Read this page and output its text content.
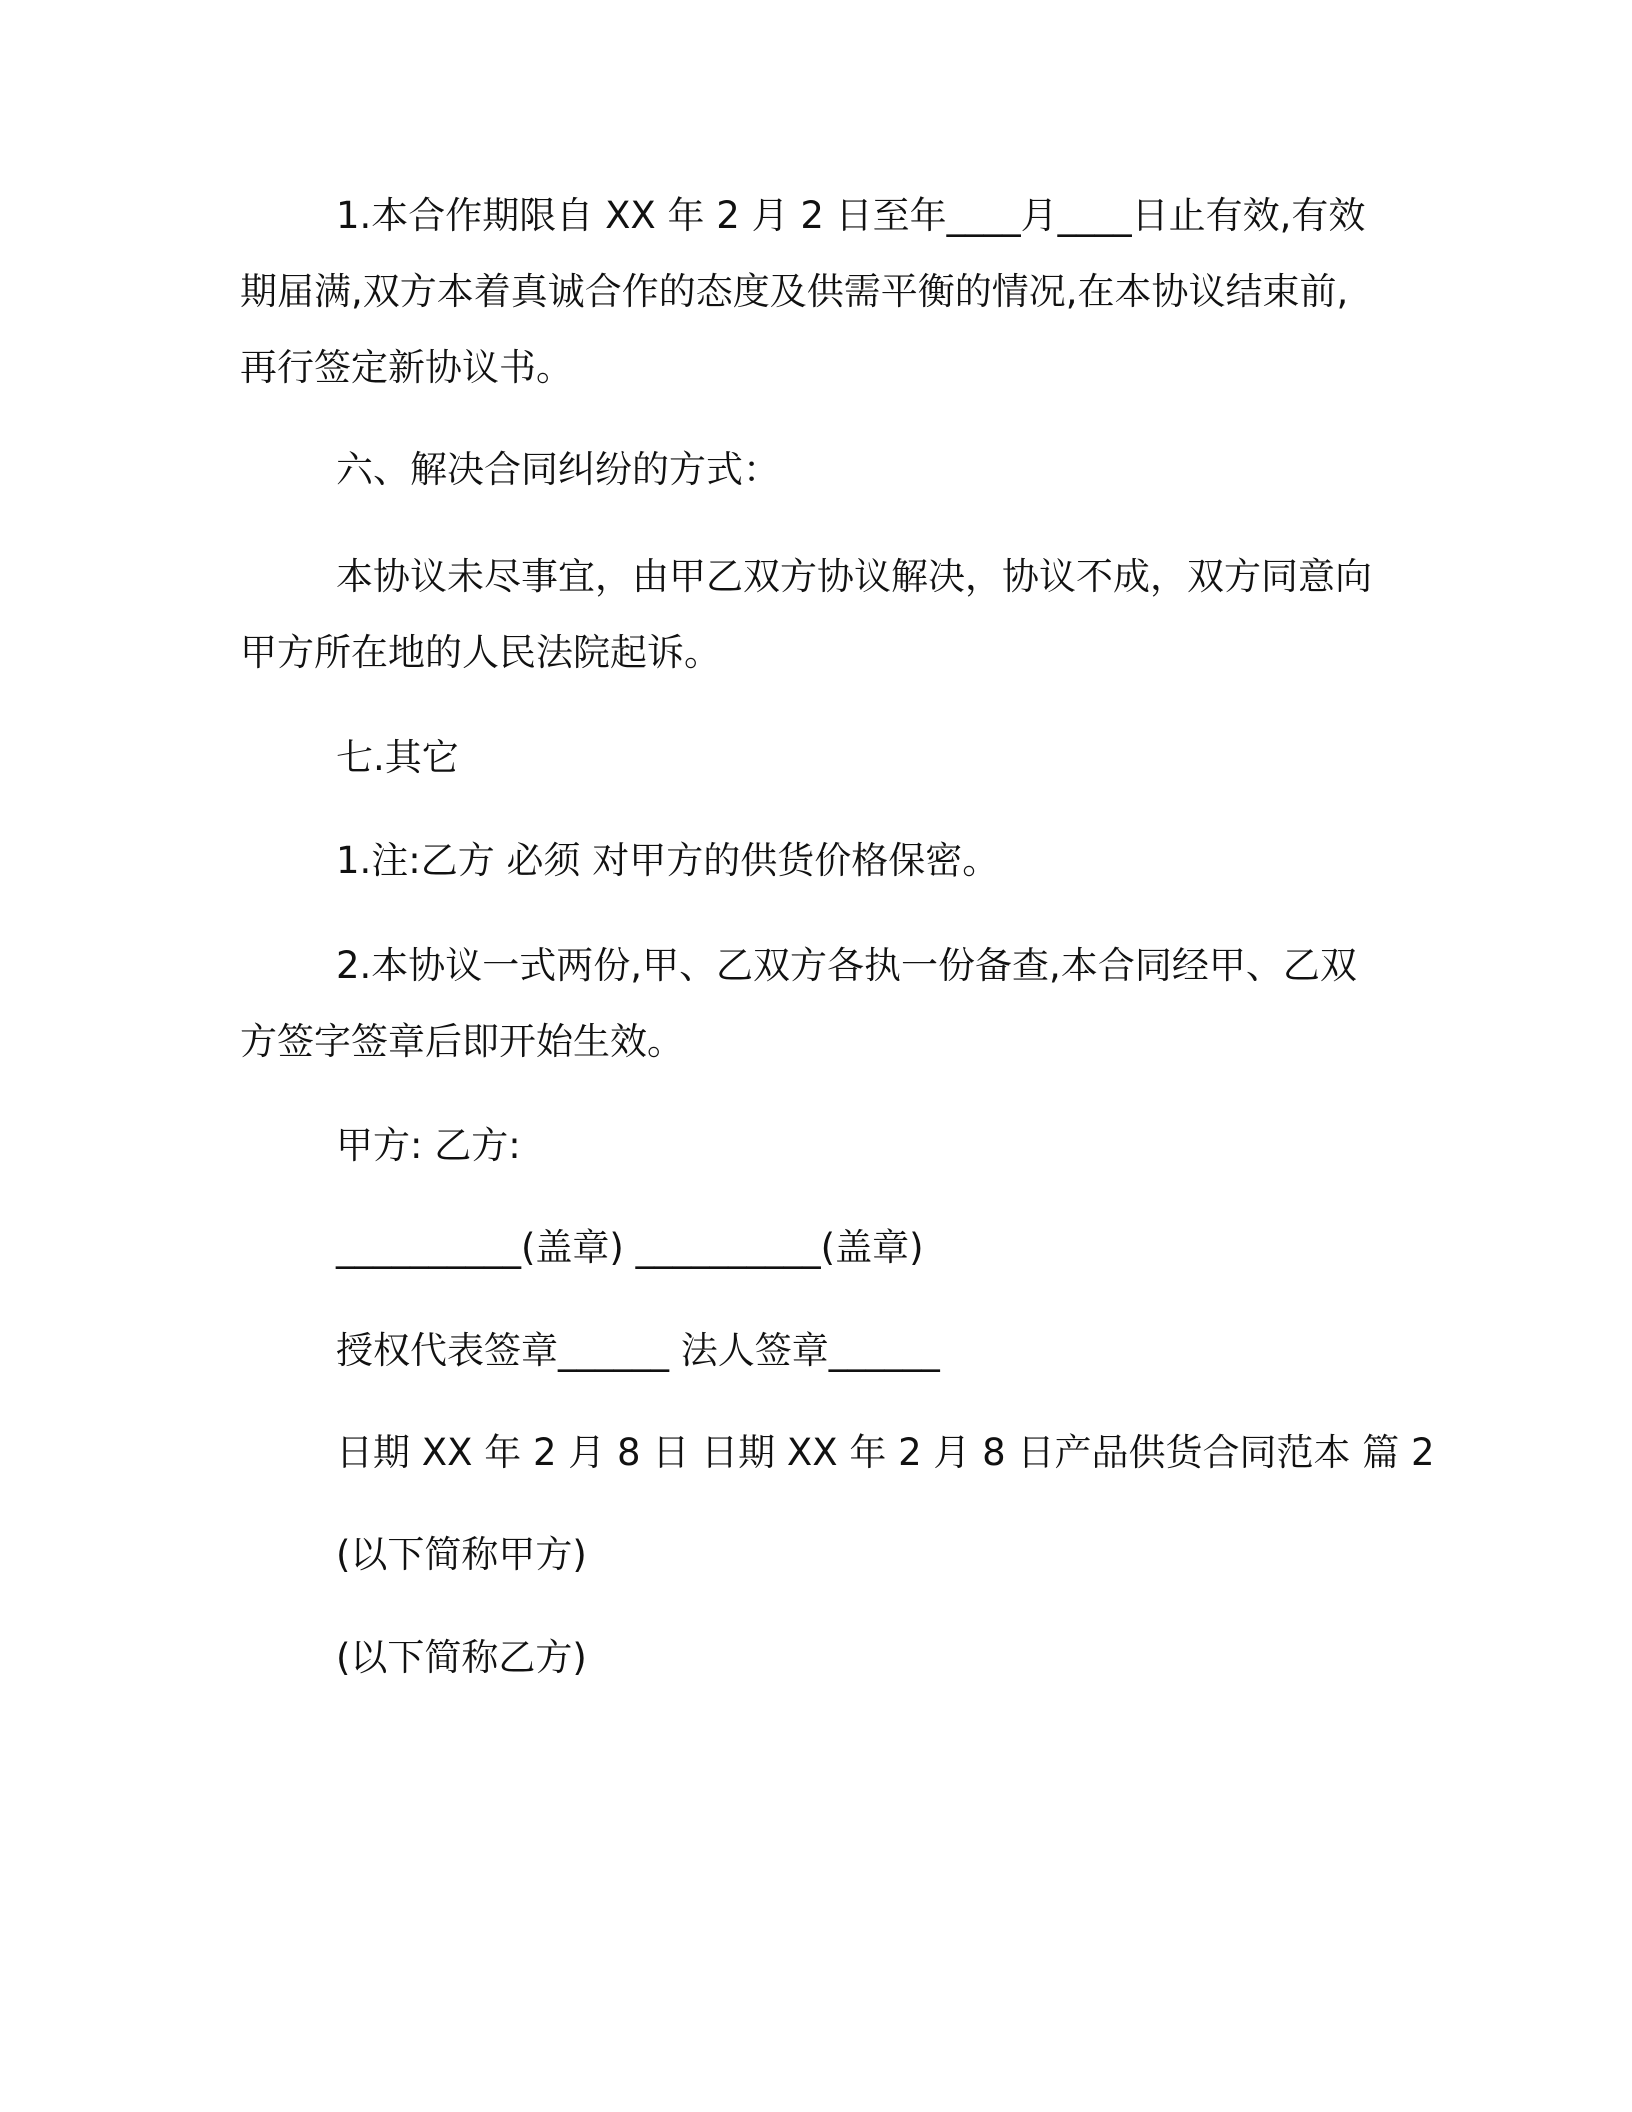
1.本合作期限自 XX 年 2 月 2 日至年____月____日止有效,有效期届满,双方本着真诚合作的态度及供需平衡的情况,在本协议结束前,再行签定新协议书。

六、解决合同纠纷的方式：

本协议未尽事宜，由甲乙双方协议解决，协议不成，双方同意向甲方所在地的人民法院起诉。

七.其它

1.注:乙方 必须 对甲方的供货价格保密。

2.本协议一式两份,甲、乙双方各执一份备查,本合同经甲、乙双方签字签章后即开始生效。

甲方: 乙方:

__________(盖章) __________(盖章)

授权代表签章______ 法人签章______

日期 XX 年 2 月 8 日 日期 XX 年 2 月 8 日产品供货合同范本 篇 2

(以下简称甲方)

(以下简称乙方)
